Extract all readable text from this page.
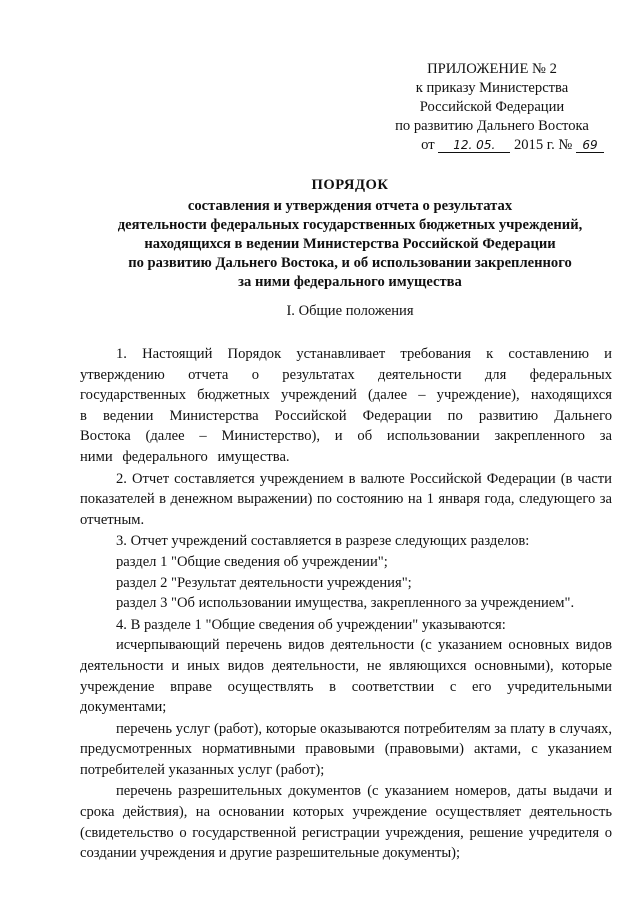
ПРИЛОЖЕНИЕ № 2
к приказу Министерства
Российской Федерации
по развитию Дальнего Востока
от 12. 05. 2015 г. № 69
ПОРЯДОК
составления и утверждения отчета о результатах
деятельности федеральных государственных бюджетных учреждений,
находящихся в ведении Министерства Российской Федерации
по развитию Дальнего Востока, и об использовании закрепленного
за ними федерального имущества
I. Общие положения

1. Настоящий Порядок устанавливает требования к составлению и утверждению отчета о результатах деятельности для федеральных государственных бюджетных учреждений (далее – учреждение), находящихся в ведении Министерства Российской Федерации по развитию Дальнего Востока (далее – Министерство), и об использовании закрепленного за ними федерального имущества.

2. Отчет составляется учреждением в валюте Российской Федерации (в части показателей в денежном выражении) по состоянию на 1 января года, следующего за отчетным.

3. Отчет учреждений составляется в разрезе следующих разделов:

раздел 1 "Общие сведения об учреждении";

раздел 2 "Результат деятельности учреждения";

раздел 3 "Об использовании имущества, закрепленного за учреждением".

4. В разделе 1 "Общие сведения об учреждении" указываются:

исчерпывающий перечень видов деятельности (с указанием основных видов деятельности и иных видов деятельности, не являющихся основными), которые учреждение вправе осуществлять в соответствии с его учредительными документами;

перечень услуг (работ), которые оказываются потребителям за плату в случаях, предусмотренных нормативными правовыми (правовыми) актами, с указанием потребителей указанных услуг (работ);

перечень разрешительных документов (с указанием номеров, даты выдачи и срока действия), на основании которых учреждение осуществляет деятельность (свидетельство о государственной регистрации учреждения, решение учредителя о создании учреждения и другие разрешительные документы);
